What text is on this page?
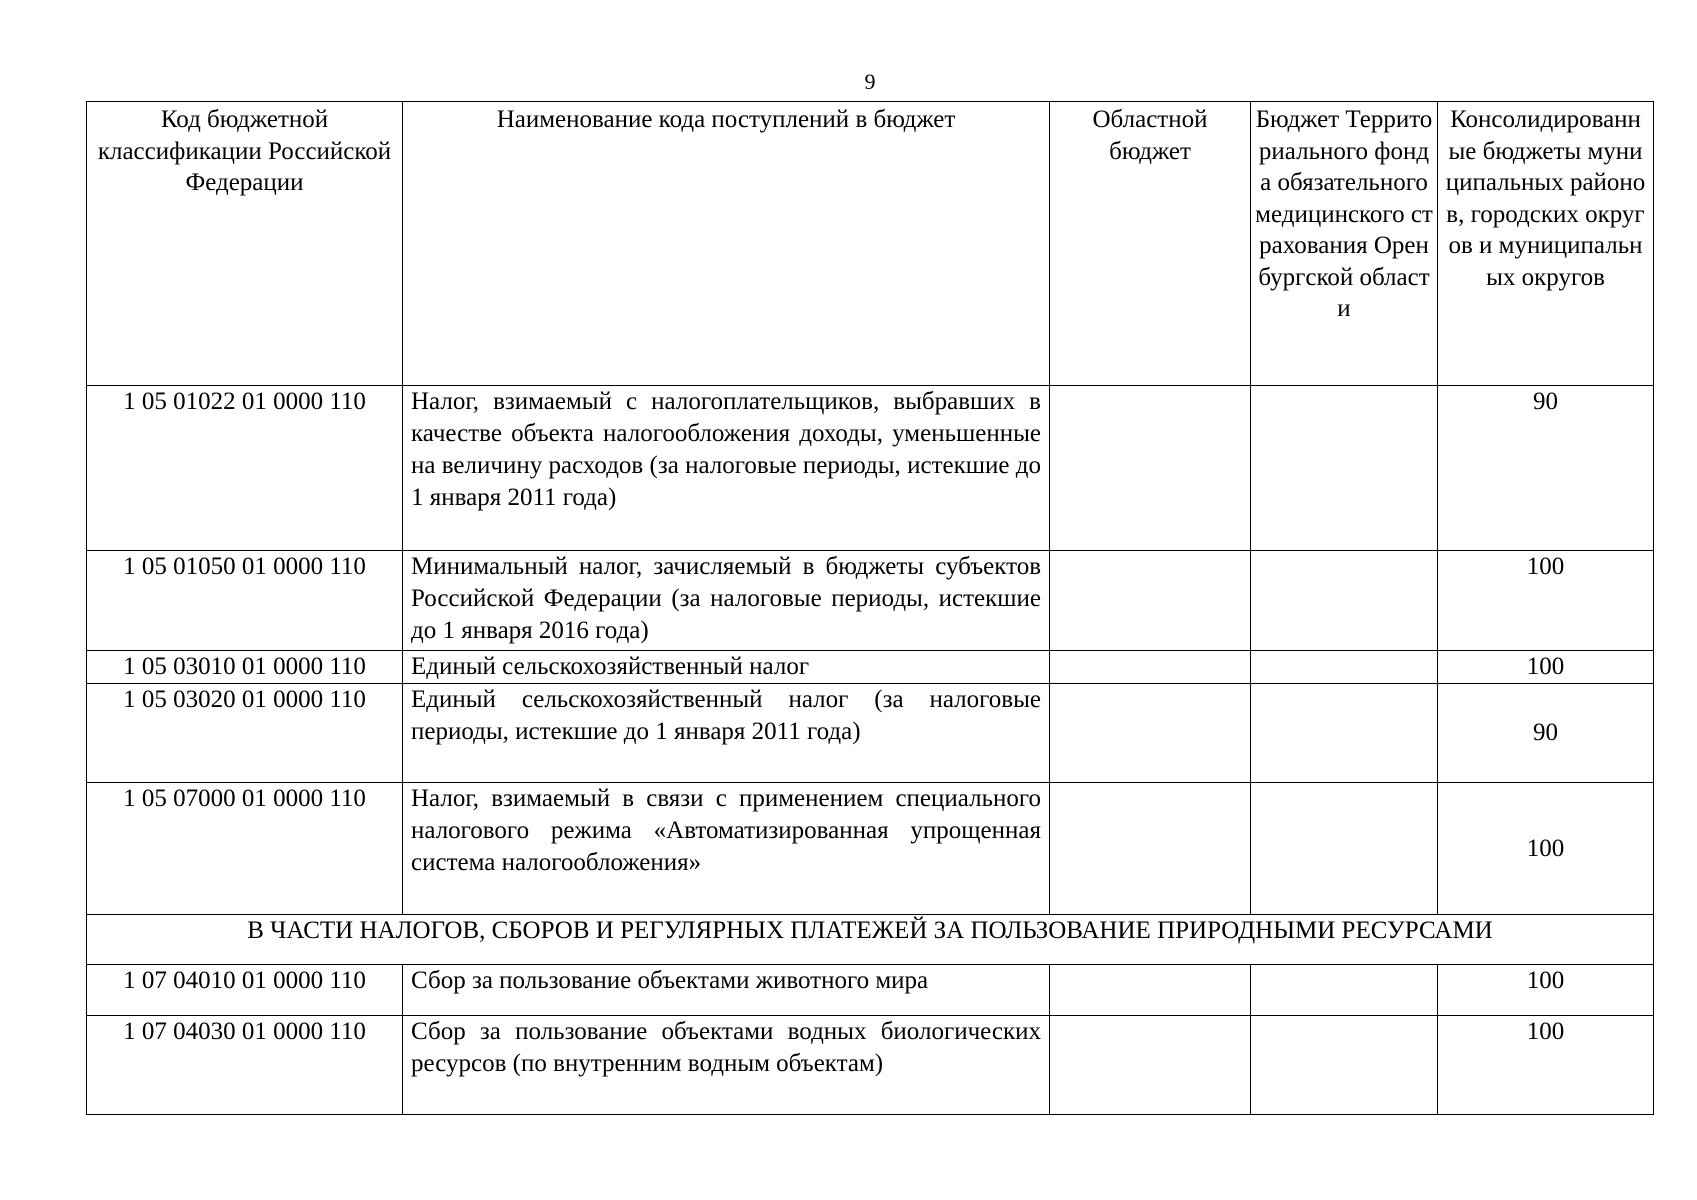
9
Код бюджетной классификации Российской Федерации	Наименование кода поступлений в бюджет	Областной бюджет	Бюджет Территориального фонда обязательного медицинского страхования Оренбургской области	Консолидированные бюджеты муниципальных районов, городских округов и муниципальных округов
1 05 01022 01 0000 110	Налог, взимаемый с налогоплательщиков, выбравших в качестве объекта налогообложения доходы, уменьшенные на величину расходов (за налоговые периоды, истекшие до 1 января 2011 года)			90
1 05 01050 01 0000 110	Минимальный налог, зачисляемый в бюджеты субъектов Российской Федерации (за налоговые периоды, истекшие до 1 января 2016 года)			100
1 05 03010 01 0000 110	Единый сельскохозяйственный налог			100
1 05 03020 01 0000 110	Единый сельскохозяйственный налог (за налоговые периоды, истекшие до 1 января 2011 года)			90
1 05 07000 01 0000 110	Налог, взимаемый в связи с применением специального налогового режима «Автоматизированная упрощенная система налогообложения»			100
В ЧАСТИ НАЛОГОВ, СБОРОВ И РЕГУЛЯРНЫХ ПЛАТЕЖЕЙ ЗА ПОЛЬЗОВАНИЕ ПРИРОДНЫМИ РЕСУРСАМИ				
1 07 04010 01 0000 110	Сбор за пользование объектами животного мира			100
1 07 04030 01 0000 110	Сбор за пользование объектами водных биологических ресурсов (по внутренним водным объектам)			100
